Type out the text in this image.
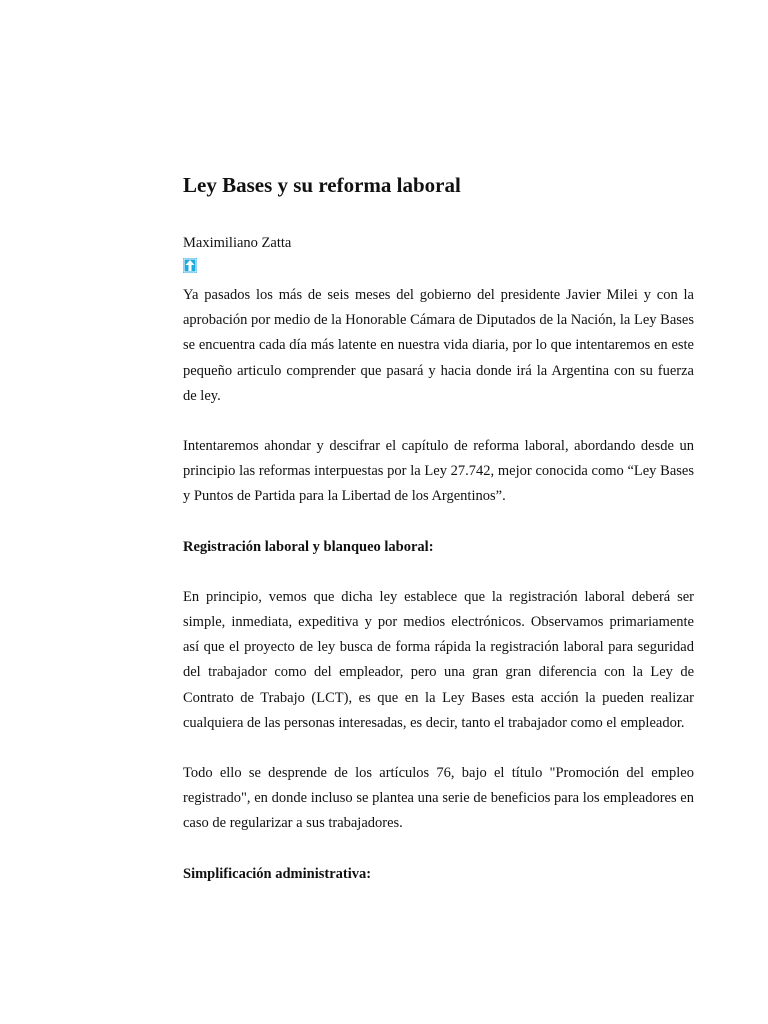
Ley Bases y su reforma laboral
Maximiliano Zatta

Ya pasados los más de seis meses del gobierno del presidente Javier Milei y con la aprobación por medio de la Honorable Cámara de Diputados de la Nación, la Ley Bases se encuentra cada día más latente en nuestra vida diaria, por lo que intentaremos en este pequeño articulo comprender que pasará y hacia donde irá la Argentina con su fuerza de ley.

Intentaremos ahondar y descifrar el capítulo de reforma laboral, abordando desde un principio las reformas interpuestas por la Ley 27.742, mejor conocida como “Ley Bases y Puntos de Partida para la Libertad de los Argentinos”.

Registración laboral y blanqueo laboral:

En principio, vemos que dicha ley establece que la registración laboral deberá ser simple, inmediata, expeditiva y por medios electrónicos. Observamos primariamente así que el proyecto de ley busca de forma rápida la registración laboral para seguridad del trabajador como del empleador, pero una gran gran diferencia con la Ley de Contrato de Trabajo (LCT), es que en la Ley Bases esta acción la pueden realizar cualquiera de las personas interesadas, es decir, tanto el trabajador como el empleador.

Todo ello se desprende de los artículos 76, bajo el título "Promoción del empleo registrado", en donde incluso se plantea una serie de beneficios para los empleadores en caso de regularizar a sus trabajadores.

Simplificación administrativa:
